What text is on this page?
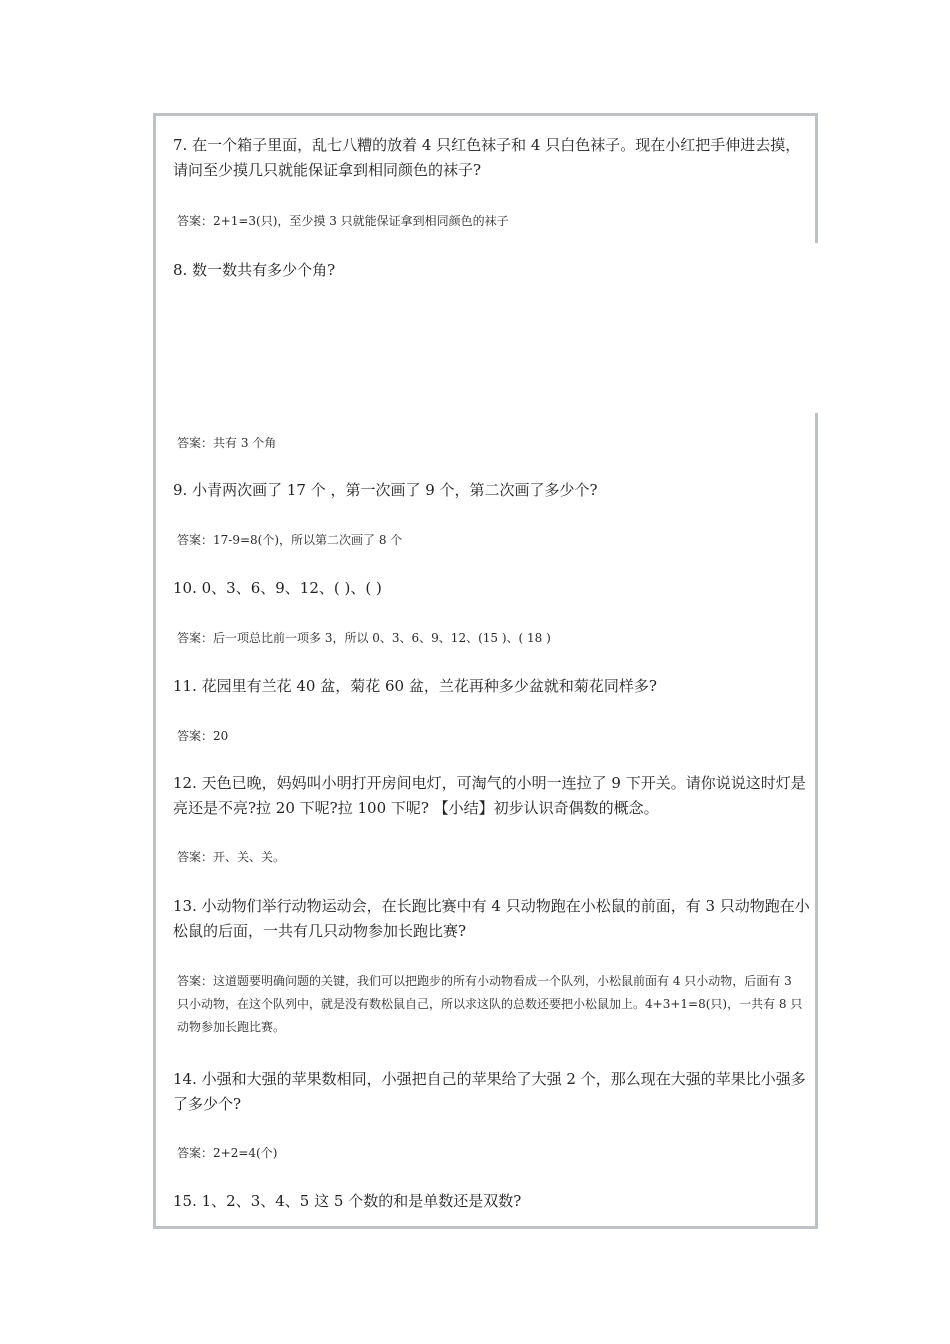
7. 在一个箱子里面，乱七八糟的放着 4 只红色袜子和 4 只白色袜子。现在小红把手伸进去摸，请问至少摸几只就能保证拿到相同颜色的袜子?

答案：2+1=3(只)，至少摸 3 只就能保证拿到相同颜色的袜子

8. 数一数共有多少个角?

答案：共有 3 个角

9. 小青两次画了 17 个 ，第一次画了 9 个，第二次画了多少个?

答案：17-9=8(个)，所以第二次画了 8 个

10. 0、3、6、9、12、( )、( )

答案：后一项总比前一项多 3，所以 0、3、6、9、12、(15 )、( 18 )

11. 花园里有兰花 40 盆，菊花 60 盆，兰花再种多少盆就和菊花同样多?

答案：20

12. 天色已晚，妈妈叫小明打开房间电灯，可淘气的小明一连拉了 9 下开关。请你说说这时灯是亮还是不亮?拉 20 下呢?拉 100 下呢? 【小结】初步认识奇偶数的概念。

答案：开、关、关。

13. 小动物们举行动物运动会，在长跑比赛中有 4 只动物跑在小松鼠的前面，有 3 只动物跑在小松鼠的后面，一共有几只动物参加长跑比赛?

答案：这道题要明确问题的关键，我们可以把跑步的所有小动物看成一个队列，小松鼠前面有 4 只小动物，后面有 3 只小动物，在这个队列中，就是没有数松鼠自己，所以求这队的总数还要把小松鼠加上。4+3+1=8(只)，一共有 8 只动物参加长跑比赛。

14. 小强和大强的苹果数相同，小强把自己的苹果给了大强 2 个，那么现在大强的苹果比小强多了多少个?

答案：2+2=4(个)

15. 1、2、3、4、5 这 5 个数的和是单数还是双数?
